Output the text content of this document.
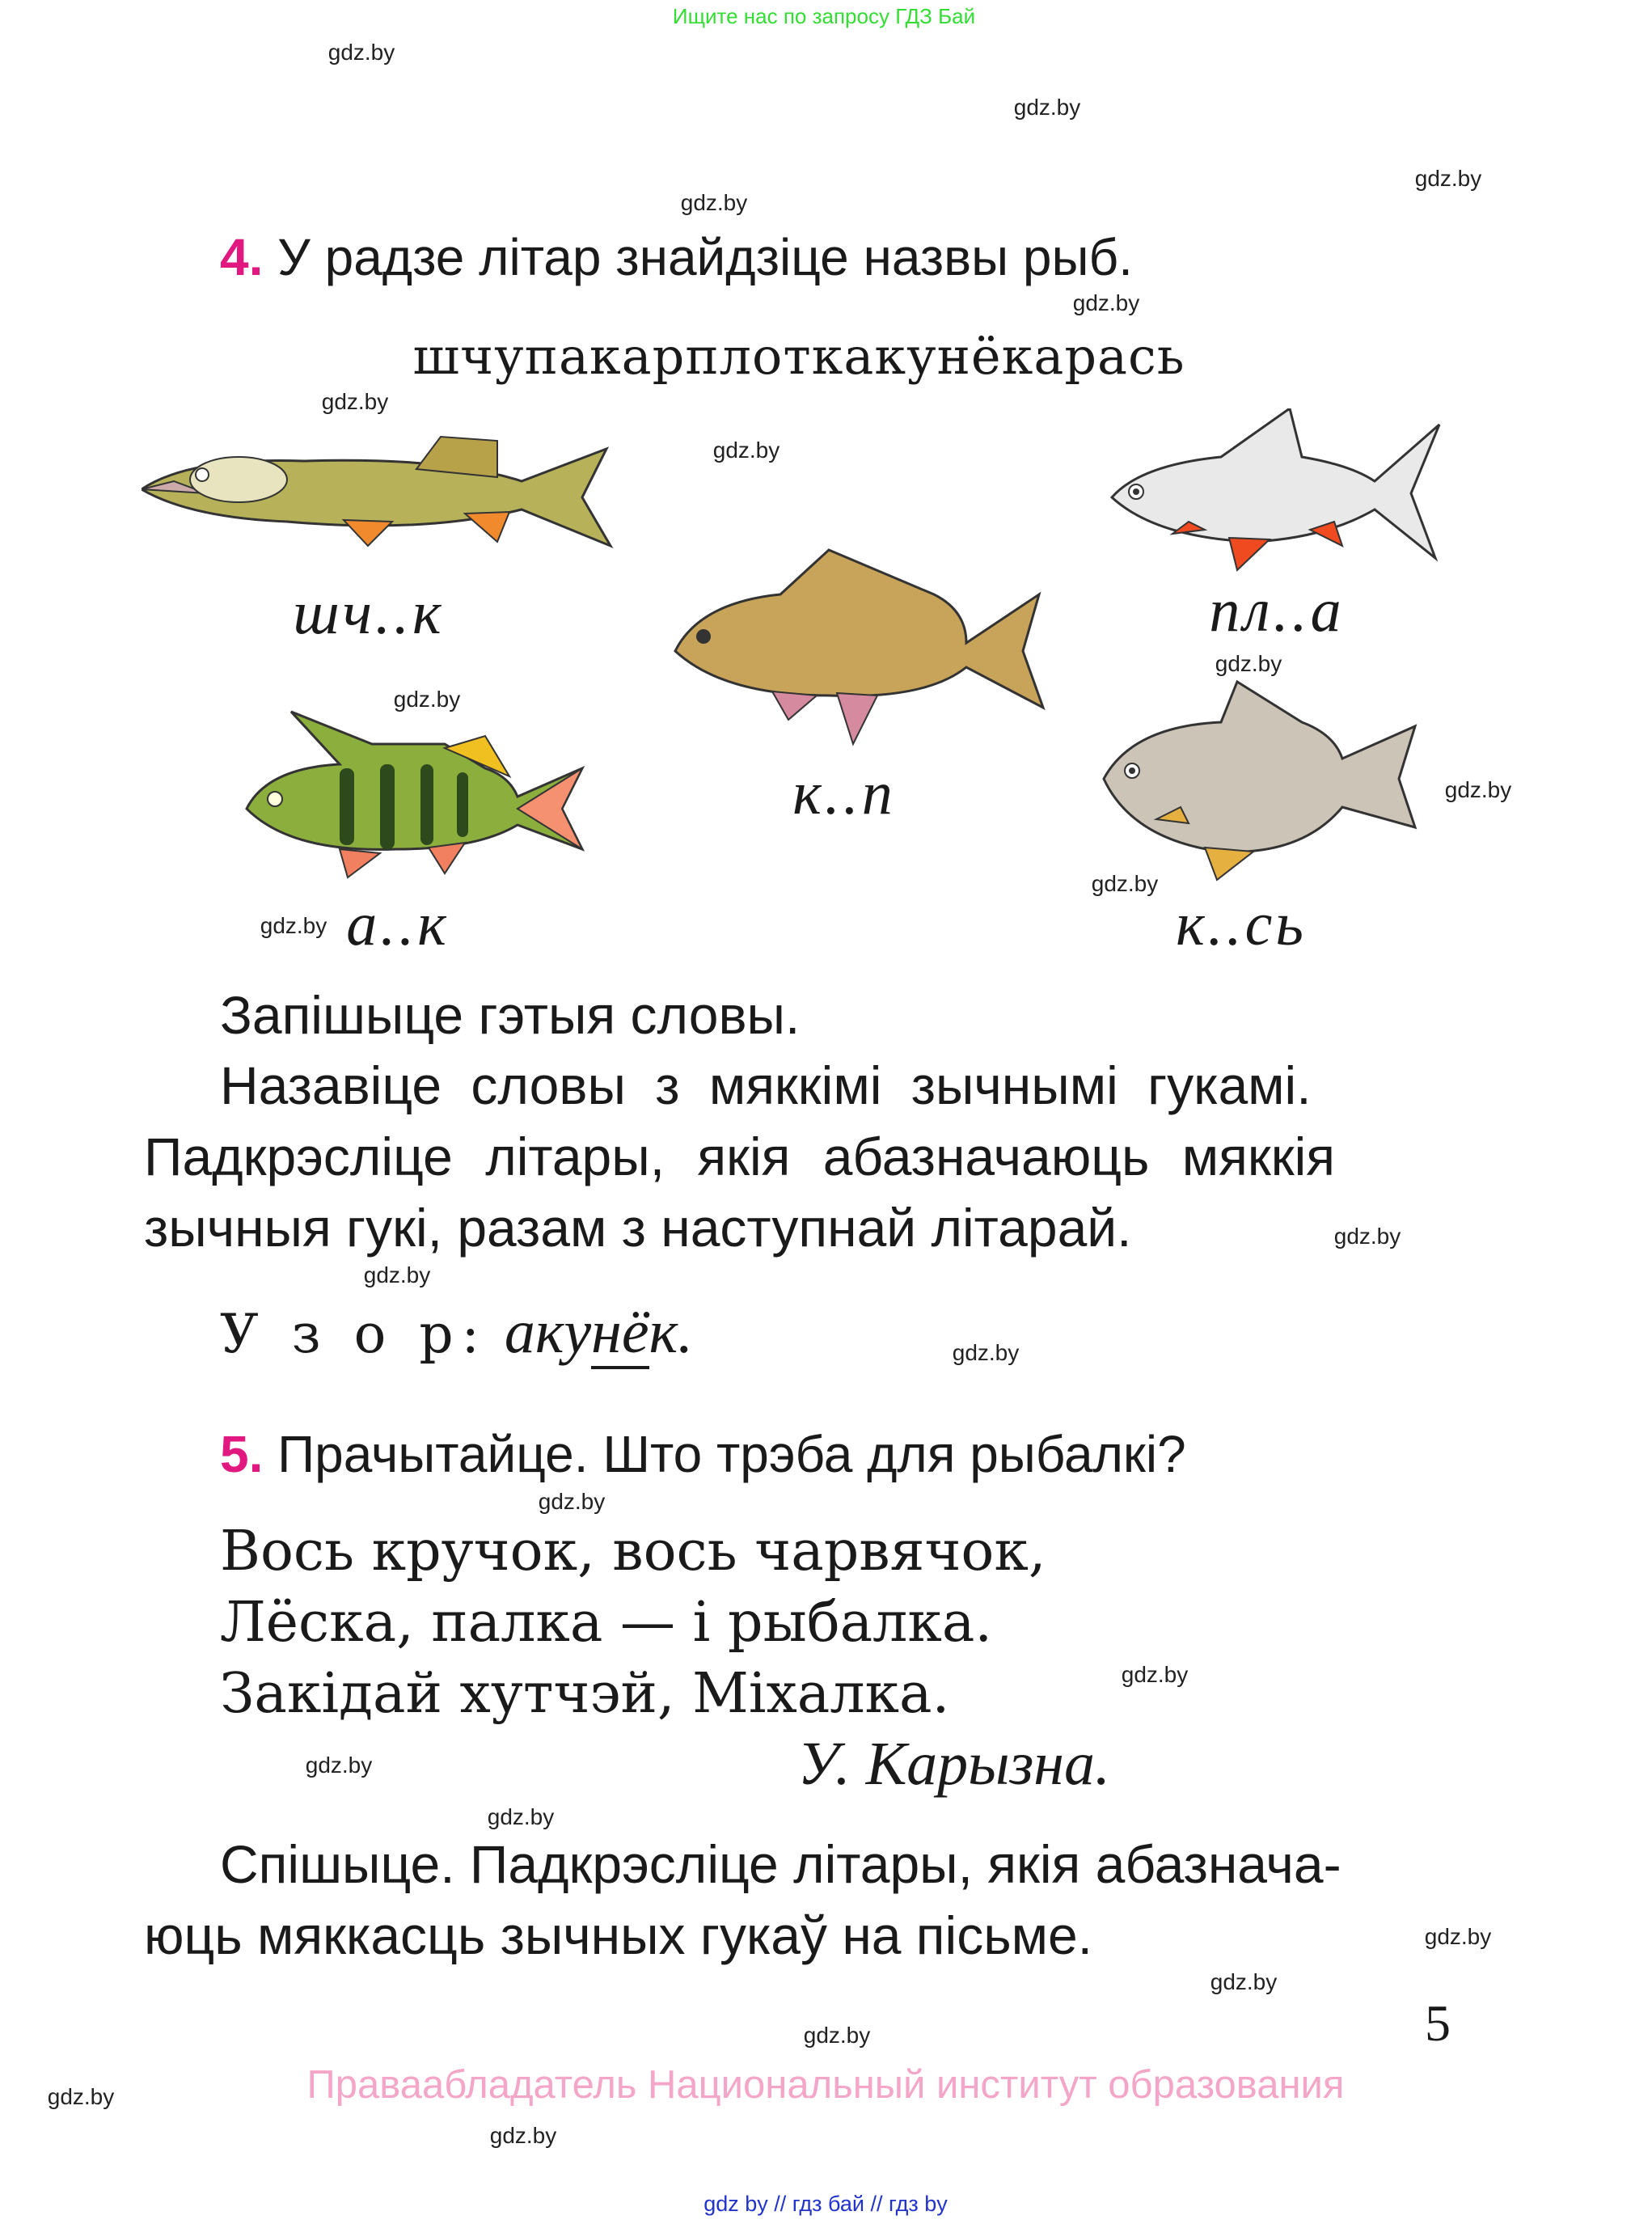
Ищите нас по запросу ГДЗ Бай
gdz.by
gdz.by
gdz.by
gdz.by
gdz.by
gdz.by
gdz.by
gdz.by
gdz.by
gdz.by
gdz.by
gdz.by
gdz.by
gdz.by
gdz.by
gdz.by
gdz.by
gdz.by
gdz.by
gdz.by
gdz.by
gdz.by
gdz.by
gdz.by
4. У радзе літар знайдзіце назвы рыб.
шчупакарплоткакунёкарась
шч..к
к..п
пл..а
а..к	к..сь
Запішыце гэтыя словы.
Назавіце словы з мяккімі зычнымі гукамі.
Падкрэсліце літары, якія абазначаюць мяккія
зычныя гукі, разам з наступнай літарай.
У з о р: акунёк.
5. Прачытайце. Што трэба для рыбалкі?
Вось кручок, вось чарвячок,
Лёска, палка — і рыбалка.
Закідай хутчэй, Міхалка.
У. Карызна.
Спішыце. Падкрэсліце літары, якія абазнача-
юць мяккасць зычных гукаў на пісьме.
5
Праваабладатель Национальный институт образования
gdz by // гдз бай // гдз by
